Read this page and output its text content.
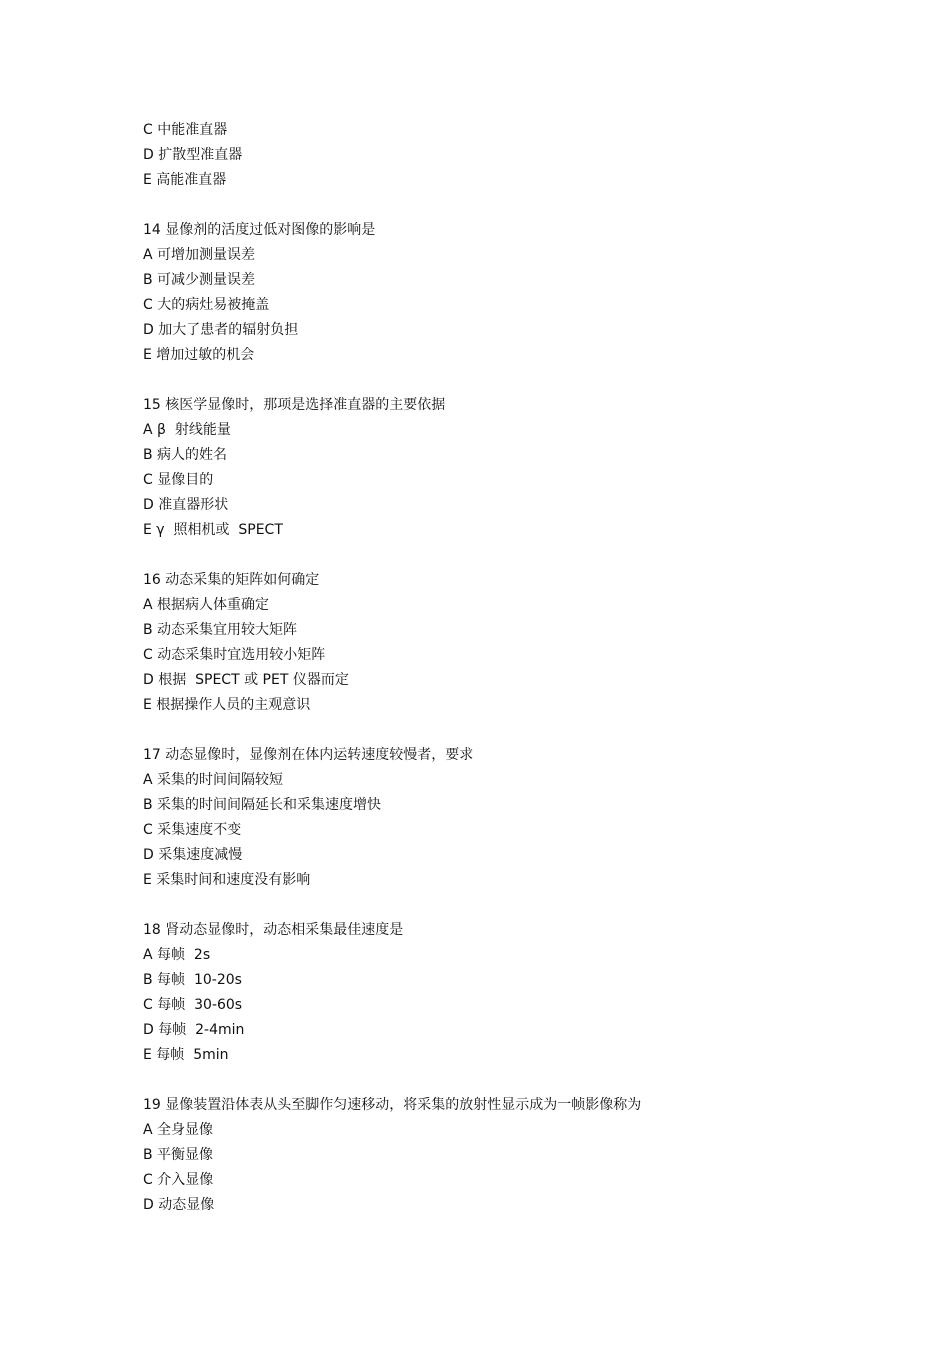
C 中能准直器
D 扩散型准直器
E 高能准直器
14 显像剂的活度过低对图像的影响是
A 可增加测量误差
B 可减少测量误差
C 大的病灶易被掩盖
D 加大了患者的辐射负担
E 增加过敏的机会
15 核医学显像时，那项是选择准直器的主要依据
A β  射线能量
B 病人的姓名
C 显像目的
D 准直器形状
E γ  照相机或  SPECT
16 动态采集的矩阵如何确定
A 根据病人体重确定
B 动态采集宜用较大矩阵
C 动态采集时宜选用较小矩阵
D 根据  SPECT 或 PET 仪器而定
E 根据操作人员的主观意识
17 动态显像时，显像剂在体内运转速度较慢者，要求
A 采集的时间间隔较短
B 采集的时间间隔延长和采集速度增快
C 采集速度不变
D 采集速度减慢
E 采集时间和速度没有影响
18 肾动态显像时，动态相采集最佳速度是
A 每帧  2s
B 每帧  10-20s
C 每帧  30-60s
D 每帧  2-4min
E 每帧  5min
19 显像装置沿体表从头至脚作匀速移动，将采集的放射性显示成为一帧影像称为
A 全身显像
B 平衡显像
C 介入显像
D 动态显像
